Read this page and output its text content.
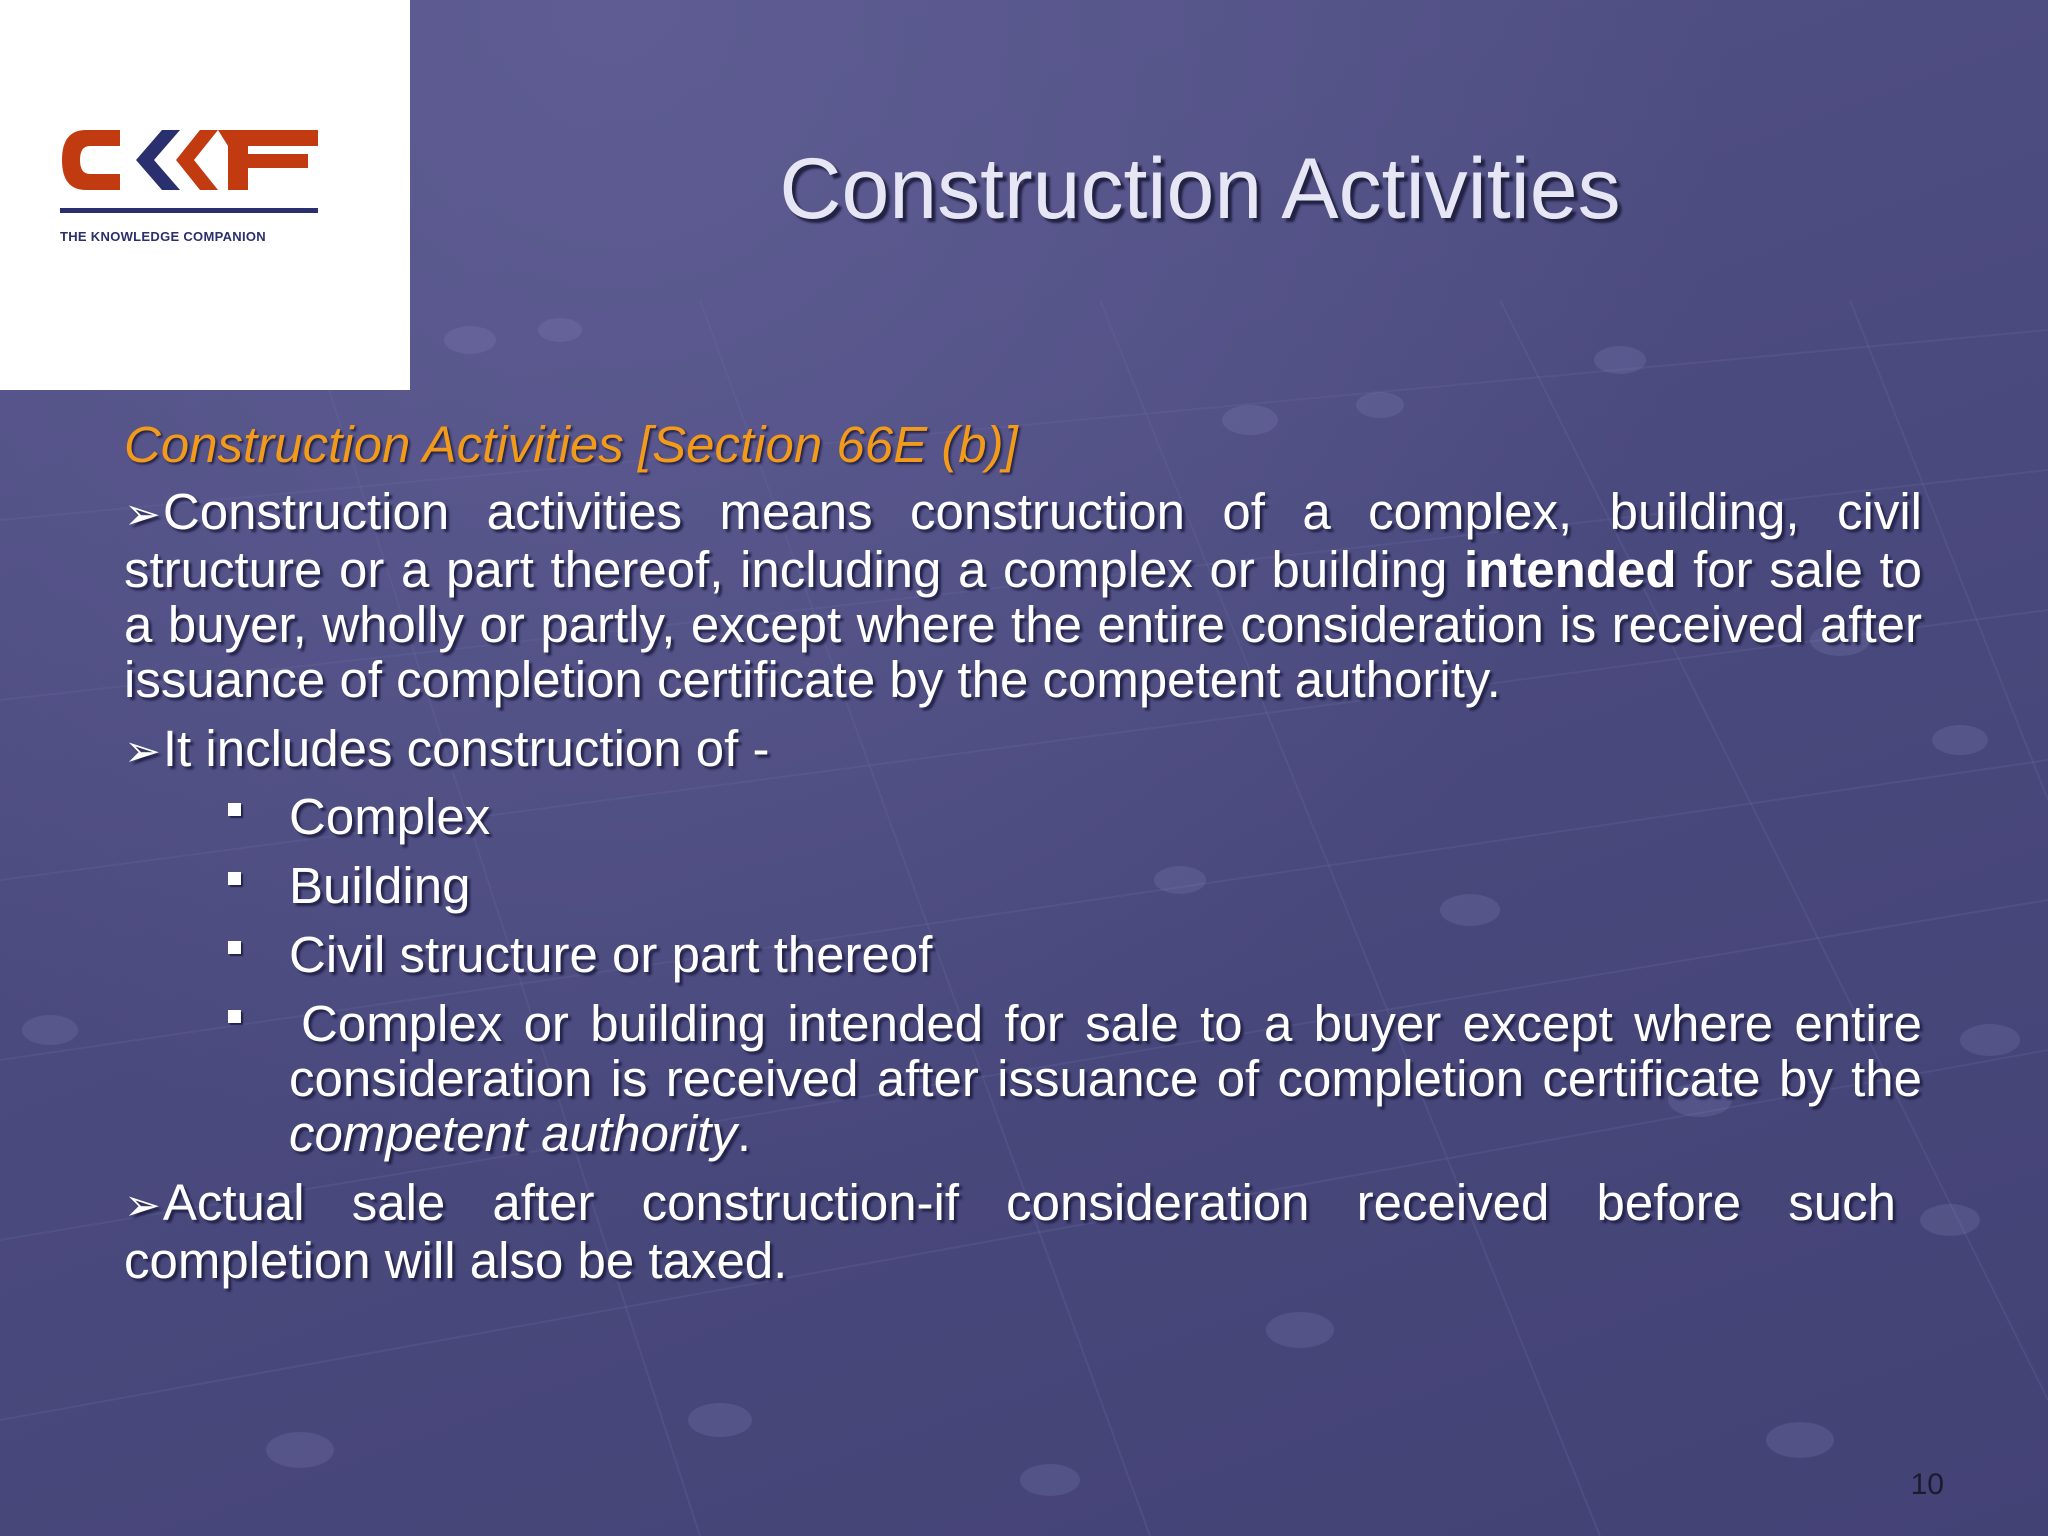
THE KNOWLEDGE COMPANION	Construction Activities
Construction Activities [Section 66E (b)]

➢Construction activities means construction of a complex, building, civil structure or a part thereof, including a complex or building intended for sale to a buyer, wholly or partly, except where the entire consideration is received after issuance of completion certificate by the competent authority.

➢It includes construction of -

Complex
Building
Civil structure or part thereof
Complex or building intended for sale to a buyer except where entire consideration is received after issuance of completion certificate by the competent authority.

➢Actual sale after construction-if consideration received before such completion will also be taxed.

10
